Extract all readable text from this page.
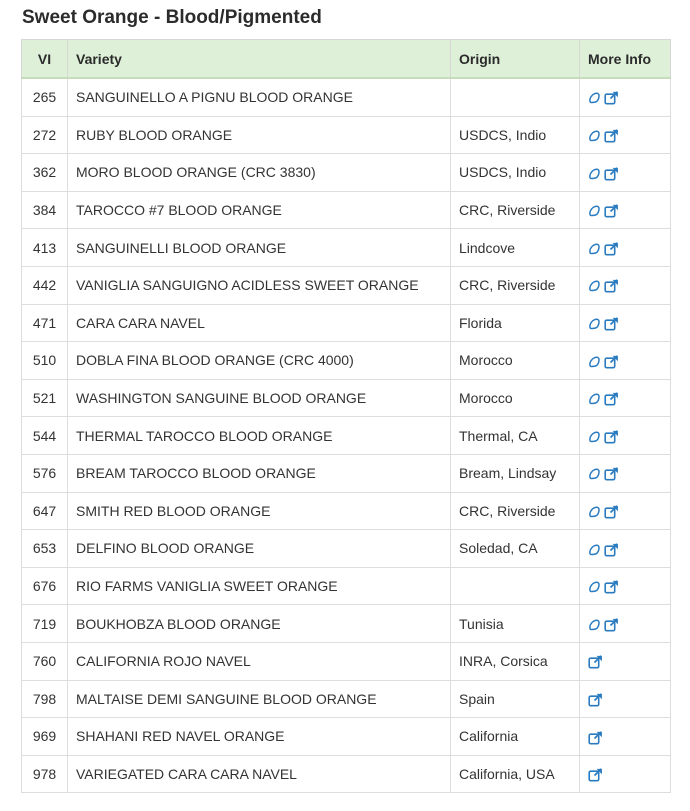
Sweet Orange - Blood/Pigmented
VI	Variety	Origin	More Info
265	SANGUINELLO A PIGNU BLOOD ORANGE		

272	RUBY BLOOD ORANGE	USDCS, Indio	

362	MORO BLOOD ORANGE (CRC 3830)	USDCS, Indio	

384	TAROCCO #7 BLOOD ORANGE	CRC, Riverside	

413	SANGUINELLI BLOOD ORANGE	Lindcove	

442	VANIGLIA SANGUIGNO ACIDLESS SWEET ORANGE	CRC, Riverside	

471	CARA CARA NAVEL	Florida	

510	DOBLA FINA BLOOD ORANGE (CRC 4000)	Morocco	

521	WASHINGTON SANGUINE BLOOD ORANGE	Morocco	

544	THERMAL TAROCCO BLOOD ORANGE	Thermal, CA	

576	BREAM TAROCCO BLOOD ORANGE	Bream, Lindsay	

647	SMITH RED BLOOD ORANGE	CRC, Riverside	

653	DELFINO BLOOD ORANGE	Soledad, CA	

676	RIO FARMS VANIGLIA SWEET ORANGE		

719	BOUKHOBZA BLOOD ORANGE	Tunisia	

760	CALIFORNIA ROJO NAVEL	INRA, Corsica	

798	MALTAISE DEMI SANGUINE BLOOD ORANGE	Spain	

969	SHAHANI RED NAVEL ORANGE	California	

978	VARIEGATED CARA CARA NAVEL	California, USA	
